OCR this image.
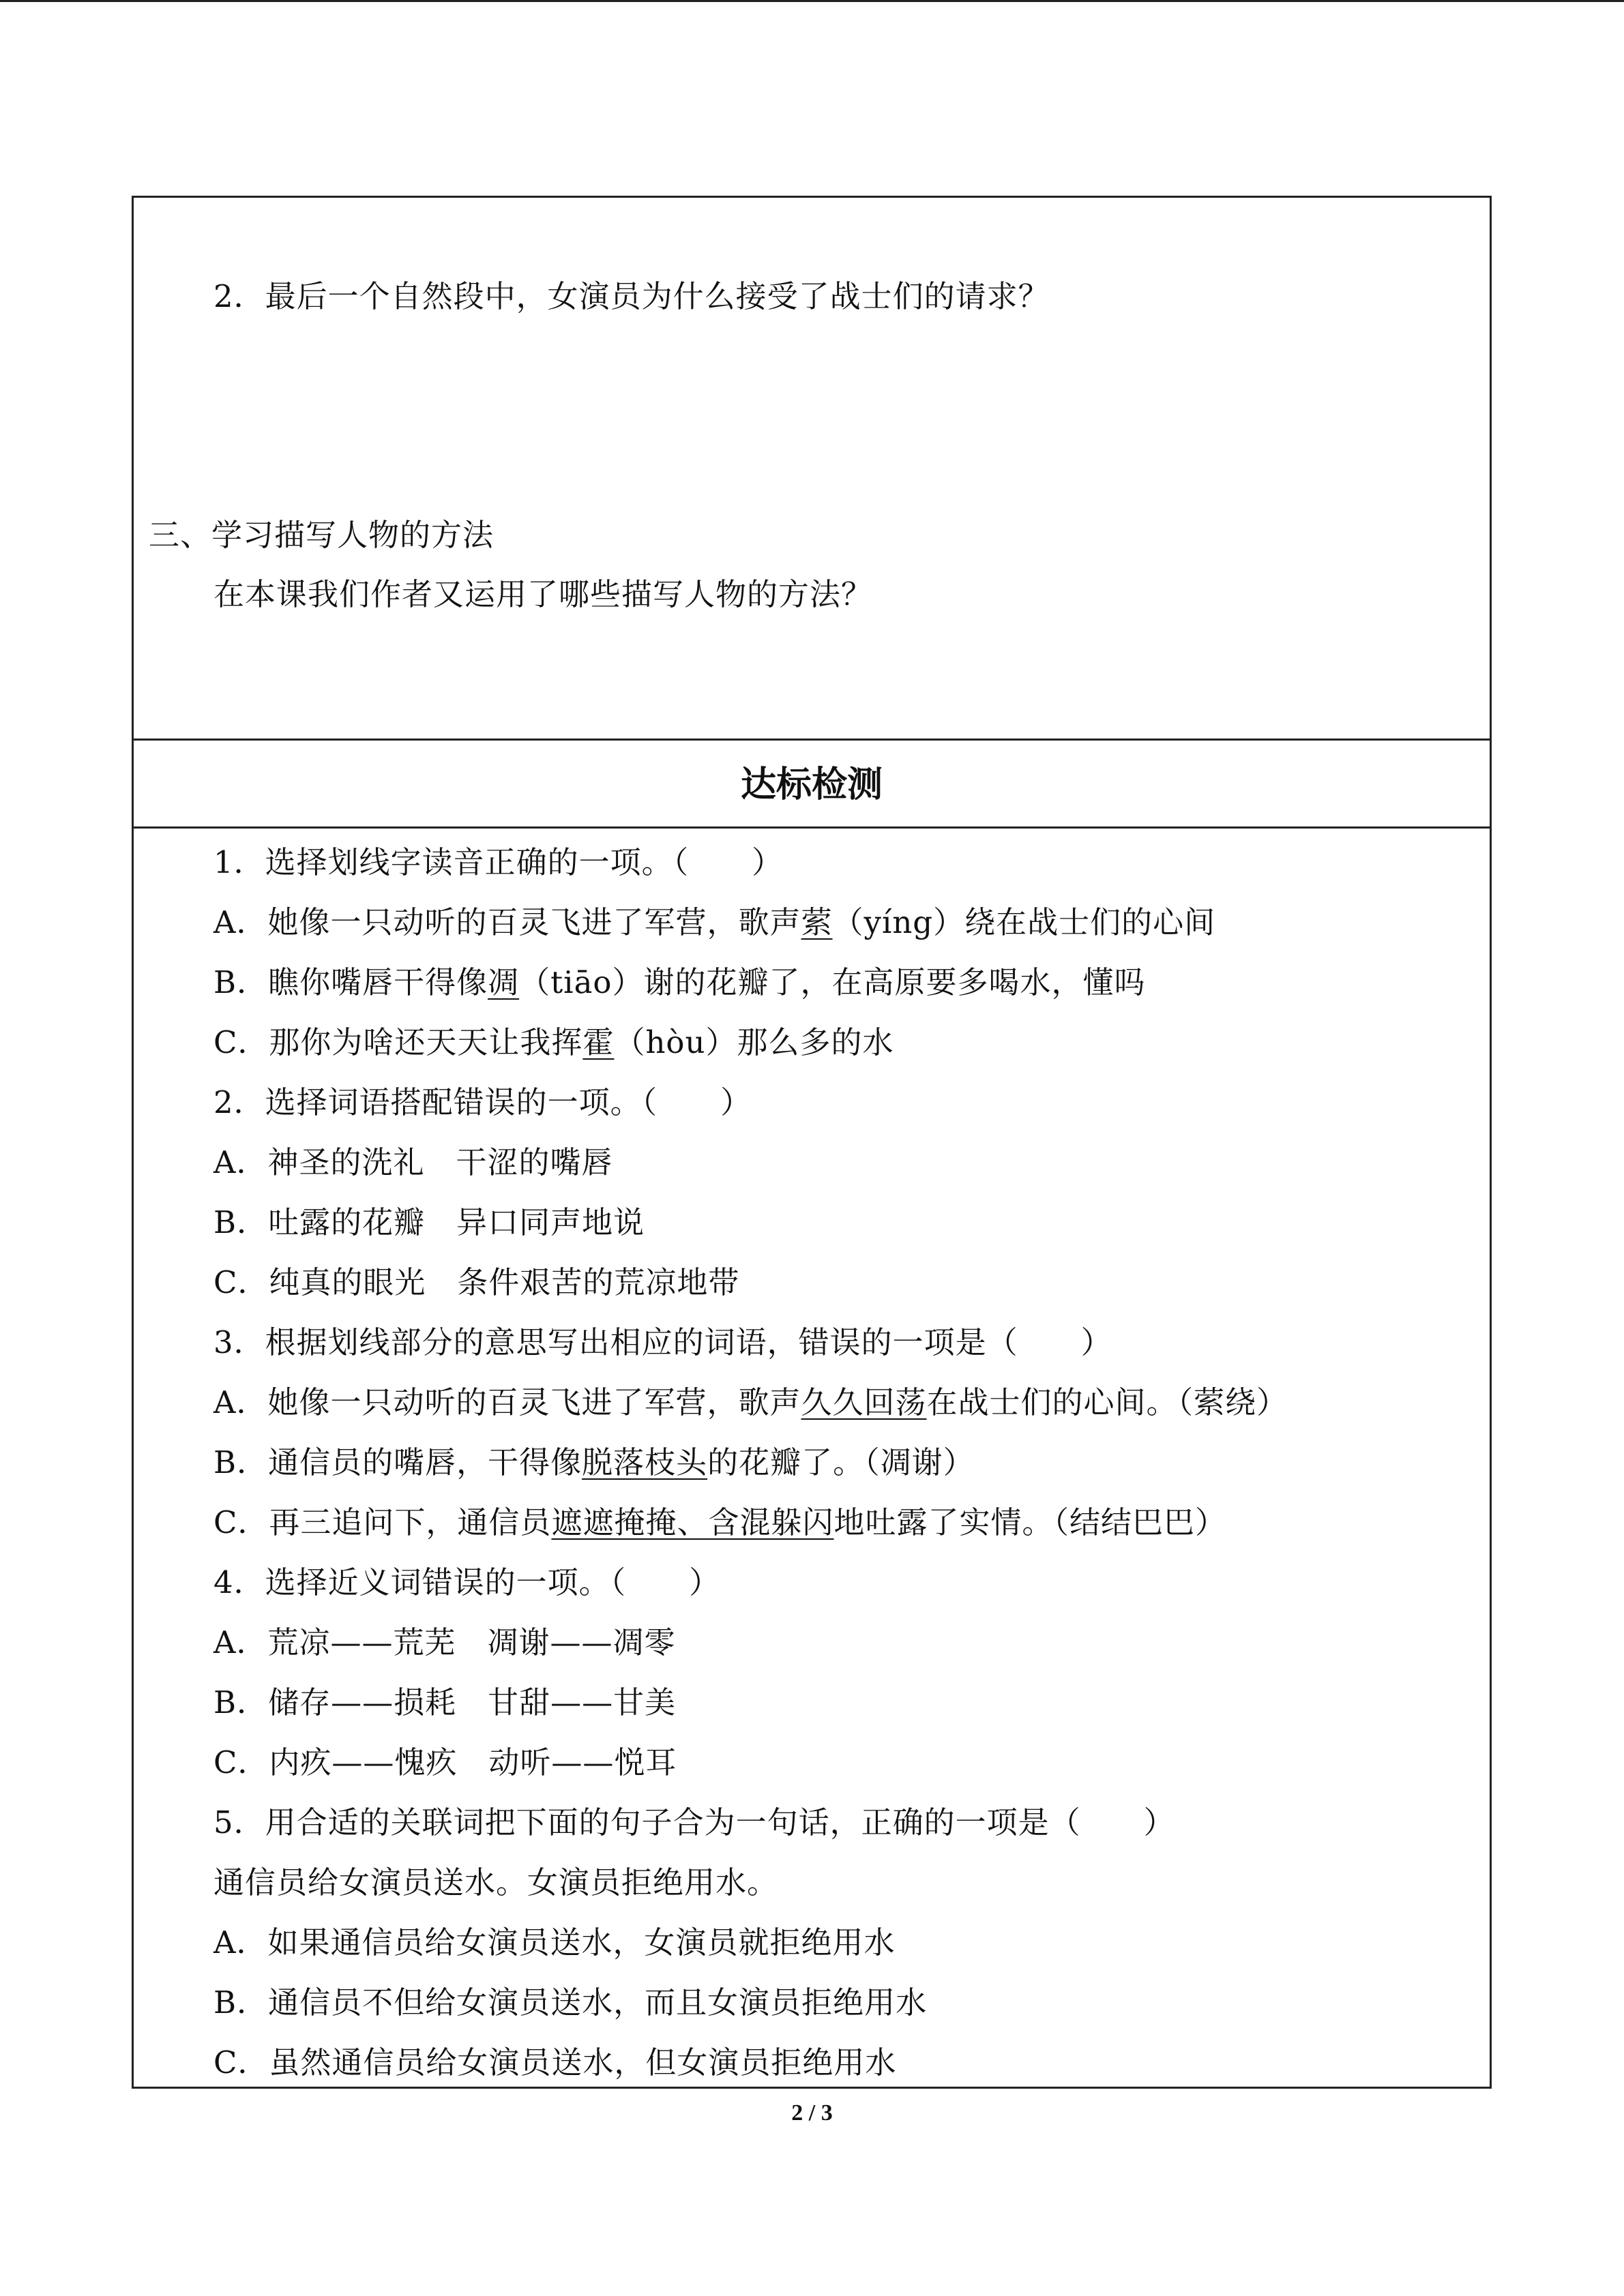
2．最后一个自然段中，女演员为什么接受了战士们的请求？
三、学习描写人物的方法
在本课我们作者又运用了哪些描写人物的方法？
达标检测
1．选择划线字读音正确的一项。（　　）
A．她像一只动听的百灵飞进了军营，歌声萦（yíng）绕在战士们的心间
B．瞧你嘴唇干得像凋（tiāo）谢的花瓣了，在高原要多喝水，懂吗
C．那你为啥还天天让我挥霍（hòu）那么多的水
2．选择词语搭配错误的一项。（　　）
A．神圣的洗礼　干涩的嘴唇
B．吐露的花瓣　异口同声地说
C．纯真的眼光　条件艰苦的荒凉地带
3．根据划线部分的意思写出相应的词语，错误的一项是（　　）
A．她像一只动听的百灵飞进了军营，歌声久久回荡在战士们的心间。（萦绕）
B．通信员的嘴唇，干得像脱落枝头的花瓣了。（凋谢）
C．再三追问下，通信员遮遮掩掩、含混躲闪地吐露了实情。（结结巴巴）
4．选择近义词错误的一项。（　　）
A．荒凉——荒芜　凋谢——凋零
B．储存——损耗　甘甜——甘美
C．内疚——愧疚　动听——悦耳
5．用合适的关联词把下面的句子合为一句话，正确的一项是（　　）
通信员给女演员送水。女演员拒绝用水。
A．如果通信员给女演员送水，女演员就拒绝用水
B．通信员不但给女演员送水，而且女演员拒绝用水
C．虽然通信员给女演员送水，但女演员拒绝用水
2 / 3
